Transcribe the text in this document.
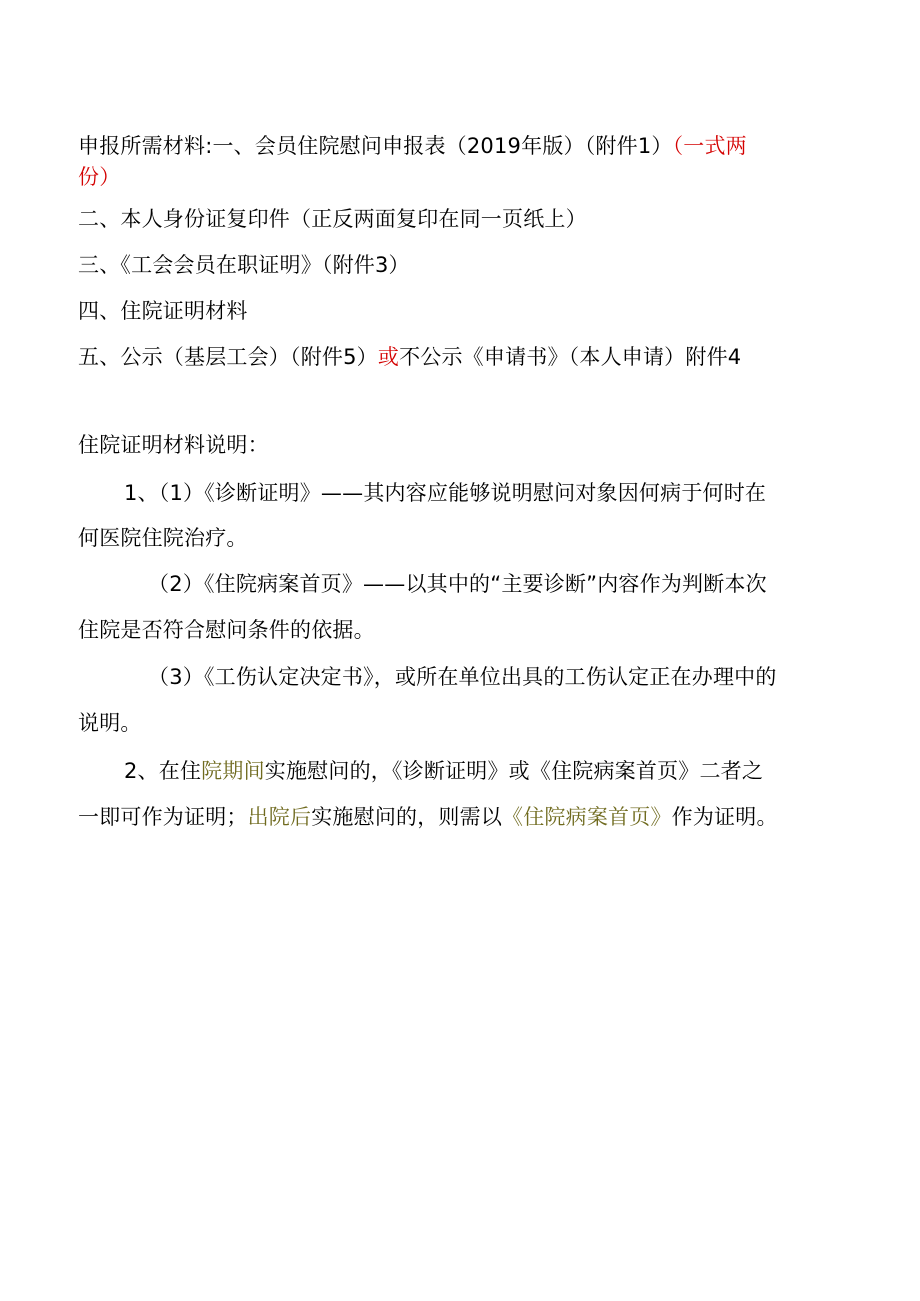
申报所需材料:一、会员住院慰问申报表（2019年版）（附件1）（一式两
份）
二、本人身份证复印件（正反两面复印在同一页纸上）
三、《工会会员在职证明》（附件3）
四、住院证明材料
五、公示（基层工会）（附件5）或不公示《申请书》（本人申请）附件4
住院证明材料说明：
1、（1）《诊断证明》——其内容应能够说明慰问对象因何病于何时在
何医院住院治疗。
（2）《住院病案首页》——以其中的“主要诊断”内容作为判断本次
住院是否符合慰问条件的依据。
（3）《工伤认定决定书》，或所在单位出具的工伤认定正在办理中的
说明。
2、在住院期间实施慰问的，《诊断证明》或《住院病案首页》二者之
一即可作为证明；出院后实施慰问的，则需以《住院病案首页》作为证明。
